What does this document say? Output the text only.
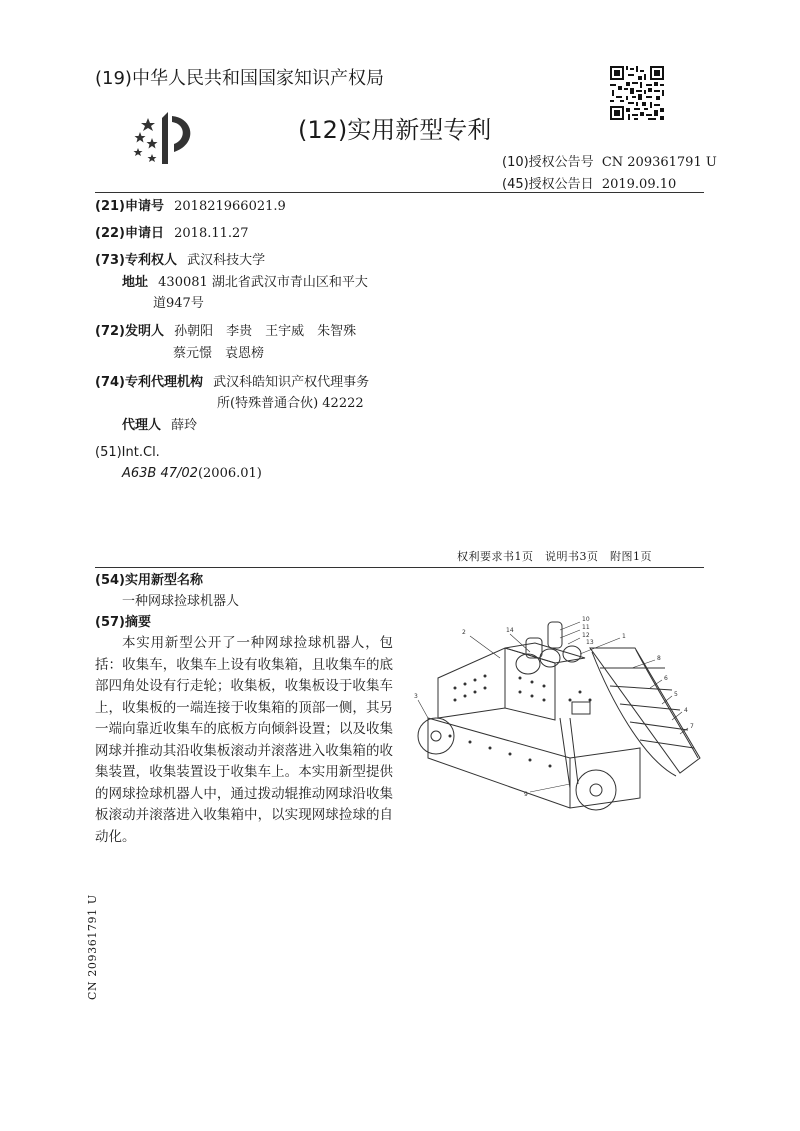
(19)中华人民共和国国家知识产权局
(12)实用新型专利
(10)授权公告号 CN 209361791 U
(45)授权公告日 2019.09.10
(21)申请号 201821966021.9
(22)申请日 2018.11.27
(73)专利权人 武汉科技大学
地址 430081 湖北省武汉市青山区和平大
道947号
(72)发明人 孙朝阳　李贵　王宇威　朱智殊
蔡元憬　袁恩榜
(74)专利代理机构 武汉科皓知识产权代理事务
所(特殊普通合伙) 42222
代理人 薛玲
(51)Int.Cl.
A63B 47/02(2006.01)
权利要求书1页　说明书3页　附图1页
(54)实用新型名称
一种网球捡球机器人
(57)摘要
本实用新型公开了一种网球捡球机器人，包括：收集车，收集车上设有收集箱，且收集车的底部四角处设有行走轮；收集板，收集板设于收集车上，收集板的一端连接于收集箱的顶部一侧，其另一端向靠近收集车的底板方向倾斜设置；以及收集网球并推动其沿收集板滚动并滚落进入收集箱的收集装置，收集装置设于收集车上。本实用新型提供的网球捡球机器人中，通过拨动辊推动网球沿收集板滚动并滚落进入收集箱中，以实现网球捡球的自动化。
CN 209361791 U
2	14
1
10
11
12
13
8
6
5
4
7
3
9
